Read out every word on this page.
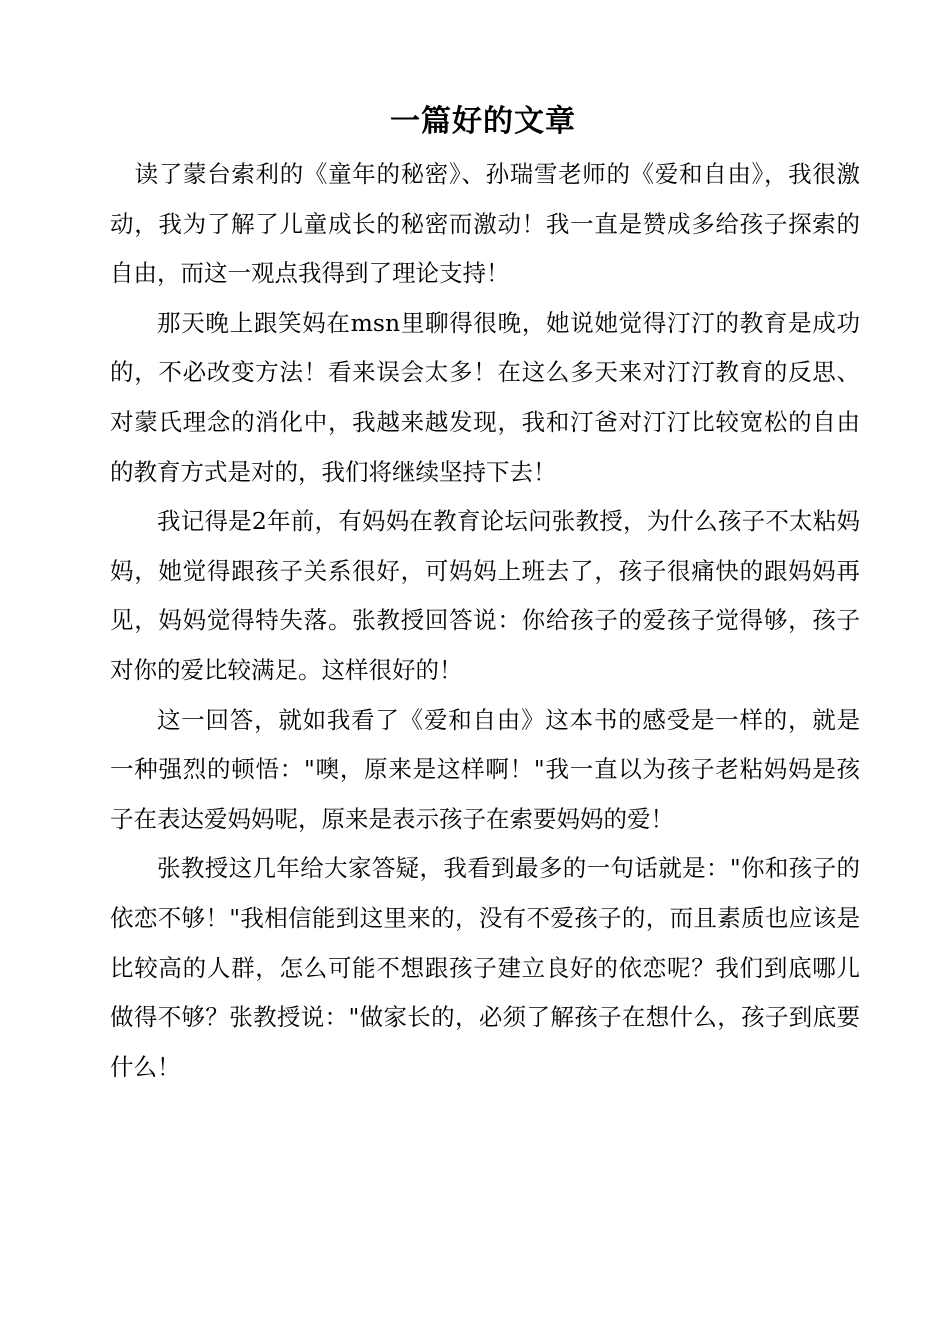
一篇好的文章

读了蒙台索利的《童年的秘密》、孙瑞雪老师的《爱和自由》，我很激动，我为了解了儿童成长的秘密而激动！我一直是赞成多给孩子探索的自由，而这一观点我得到了理论支持！

那天晚上跟笑妈在msn里聊得很晚，她说她觉得汀汀的教育是成功的，不必改变方法！看来误会太多！在这么多天来对汀汀教育的反思、对蒙氏理念的消化中，我越来越发现，我和汀爸对汀汀比较宽松的自由的教育方式是对的，我们将继续坚持下去！

我记得是2年前，有妈妈在教育论坛问张教授，为什么孩子不太粘妈妈，她觉得跟孩子关系很好，可妈妈上班去了，孩子很痛快的跟妈妈再见，妈妈觉得特失落。张教授回答说：你给孩子的爱孩子觉得够，孩子对你的爱比较满足。这样很好的！

这一回答，就如我看了《爱和自由》这本书的感受是一样的，就是一种强烈的顿悟："噢，原来是这样啊！"我一直以为孩子老粘妈妈是孩子在表达爱妈妈呢，原来是表示孩子在索要妈妈的爱！

张教授这几年给大家答疑，我看到最多的一句话就是："你和孩子的依恋不够！"我相信能到这里来的，没有不爱孩子的，而且素质也应该是比较高的人群，怎么可能不想跟孩子建立良好的依恋呢？我们到底哪儿做得不够？张教授说："做家长的，必须了解孩子在想什么，孩子到底要什么！
